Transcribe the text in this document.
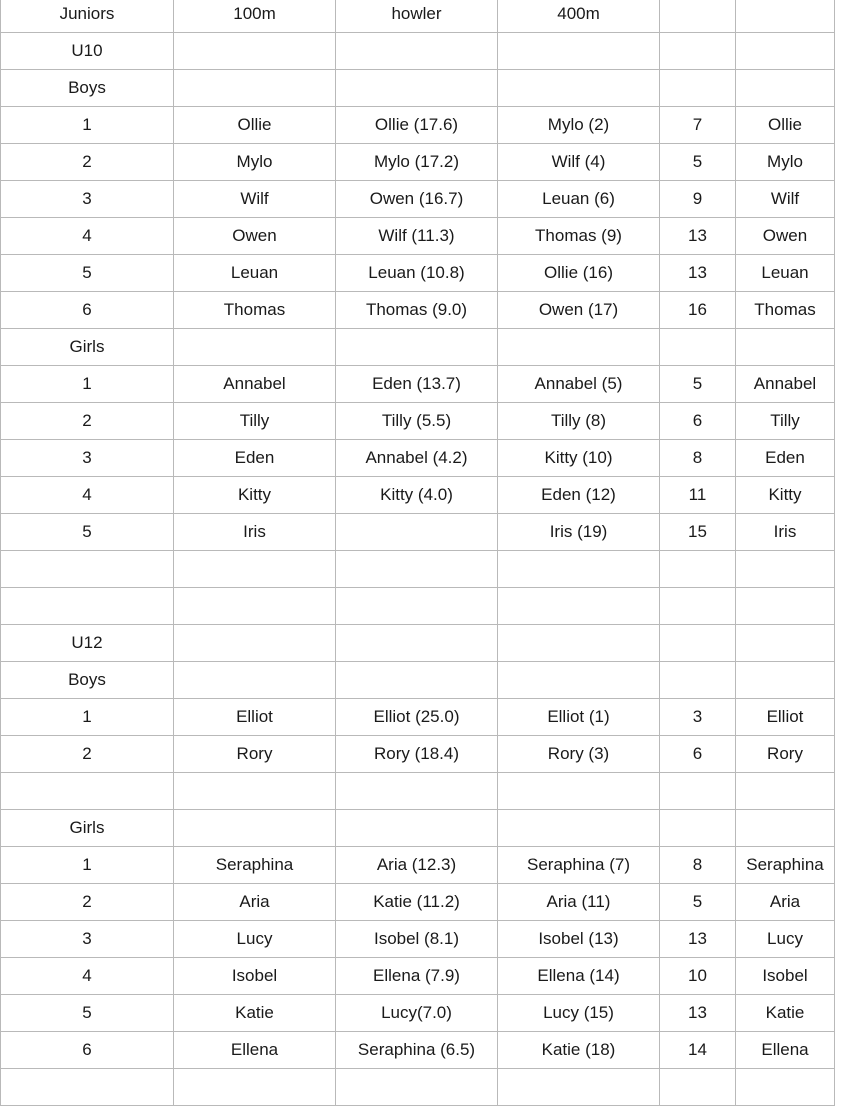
Juniors	100m	howler	400m		
U10					
Boys					
1	Ollie	Ollie (17.6)	Mylo (2)	7	Ollie
2	Mylo	Mylo (17.2)	Wilf (4)	5	Mylo
3	Wilf	Owen (16.7)	Leuan (6)	9	Wilf
4	Owen	Wilf (11.3)	Thomas (9)	13	Owen
5	Leuan	Leuan (10.8)	Ollie (16)	13	Leuan
6	Thomas	Thomas (9.0)	Owen (17)	16	Thomas
Girls					
1	Annabel	Eden (13.7)	Annabel (5)	5	Annabel
2	Tilly	Tilly (5.5)	Tilly (8)	6	Tilly
3	Eden	Annabel (4.2)	Kitty (10)	8	Eden
4	Kitty	Kitty (4.0)	Eden (12)	11	Kitty
5	Iris		Iris (19)	15	Iris

U12					
Boys					
1	Elliot	Elliot (25.0)	Elliot (1)	3	Elliot
2	Rory	Rory (18.4)	Rory (3)	6	Rory

Girls					
1	Seraphina	Aria (12.3)	Seraphina (7)	8	Seraphina
2	Aria	Katie (11.2)	Aria (11)	5	Aria
3	Lucy	Isobel (8.1)	Isobel (13)	13	Lucy
4	Isobel	Ellena (7.9)	Ellena (14)	10	Isobel
5	Katie	Lucy(7.0)	Lucy (15)	13	Katie
6	Ellena	Seraphina (6.5)	Katie (18)	14	Ellena
